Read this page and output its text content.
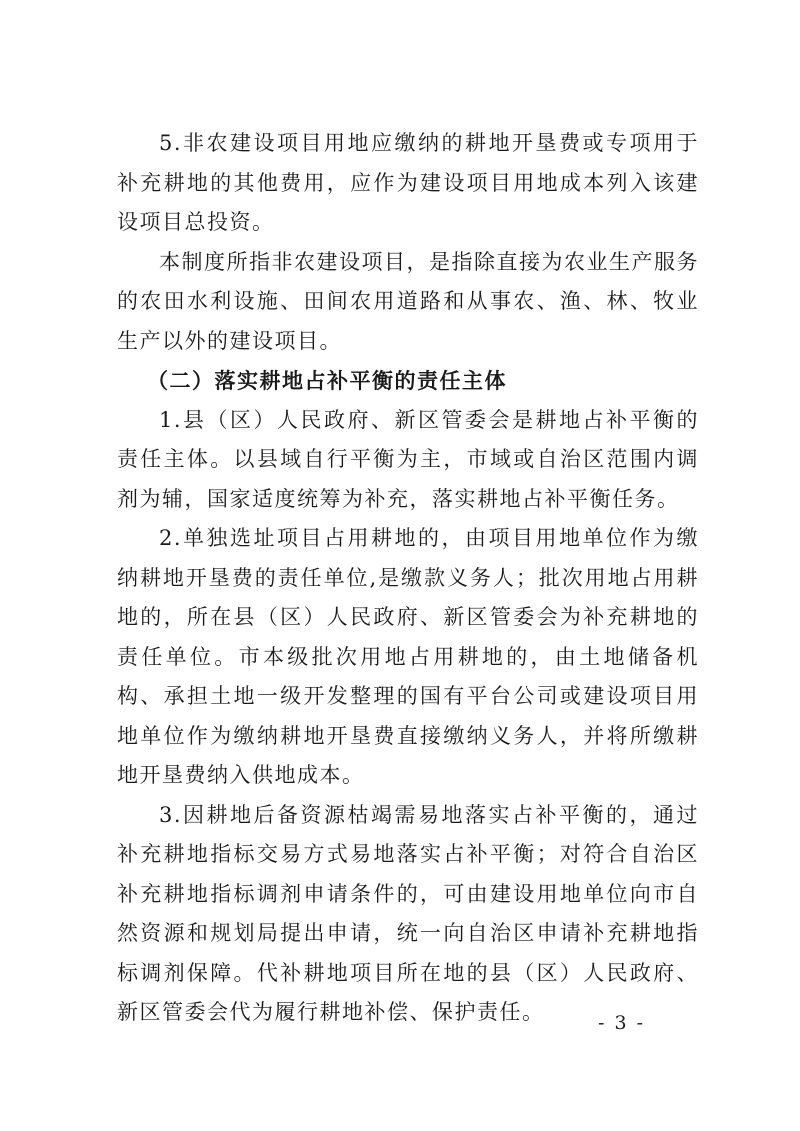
5.非农建设项目用地应缴纳的耕地开垦费或专项用于补充耕地的其他费用，应作为建设项目用地成本列入该建设项目总投资。

本制度所指非农建设项目，是指除直接为农业生产服务的农田水利设施、田间农用道路和从事农、渔、林、牧业生产以外的建设项目。

（二）落实耕地占补平衡的责任主体

1.县（区）人民政府、新区管委会是耕地占补平衡的责任主体。以县域自行平衡为主，市域或自治区范围内调剂为辅，国家适度统筹为补充，落实耕地占补平衡任务。

2.单独选址项目占用耕地的，由项目用地单位作为缴纳耕地开垦费的责任单位,是缴款义务人；批次用地占用耕地的，所在县（区）人民政府、新区管委会为补充耕地的责任单位。市本级批次用地占用耕地的，由土地储备机构、承担土地一级开发整理的国有平台公司或建设项目用地单位作为缴纳耕地开垦费直接缴纳义务人，并将所缴耕地开垦费纳入供地成本。

3.因耕地后备资源枯竭需易地落实占补平衡的，通过补充耕地指标交易方式易地落实占补平衡；对符合自治区补充耕地指标调剂申请条件的，可由建设用地单位向市自然资源和规划局提出申请，统一向自治区申请补充耕地指标调剂保障。代补耕地项目所在地的县（区）人民政府、新区管委会代为履行耕地补偿、保护责任。	- 3 -
